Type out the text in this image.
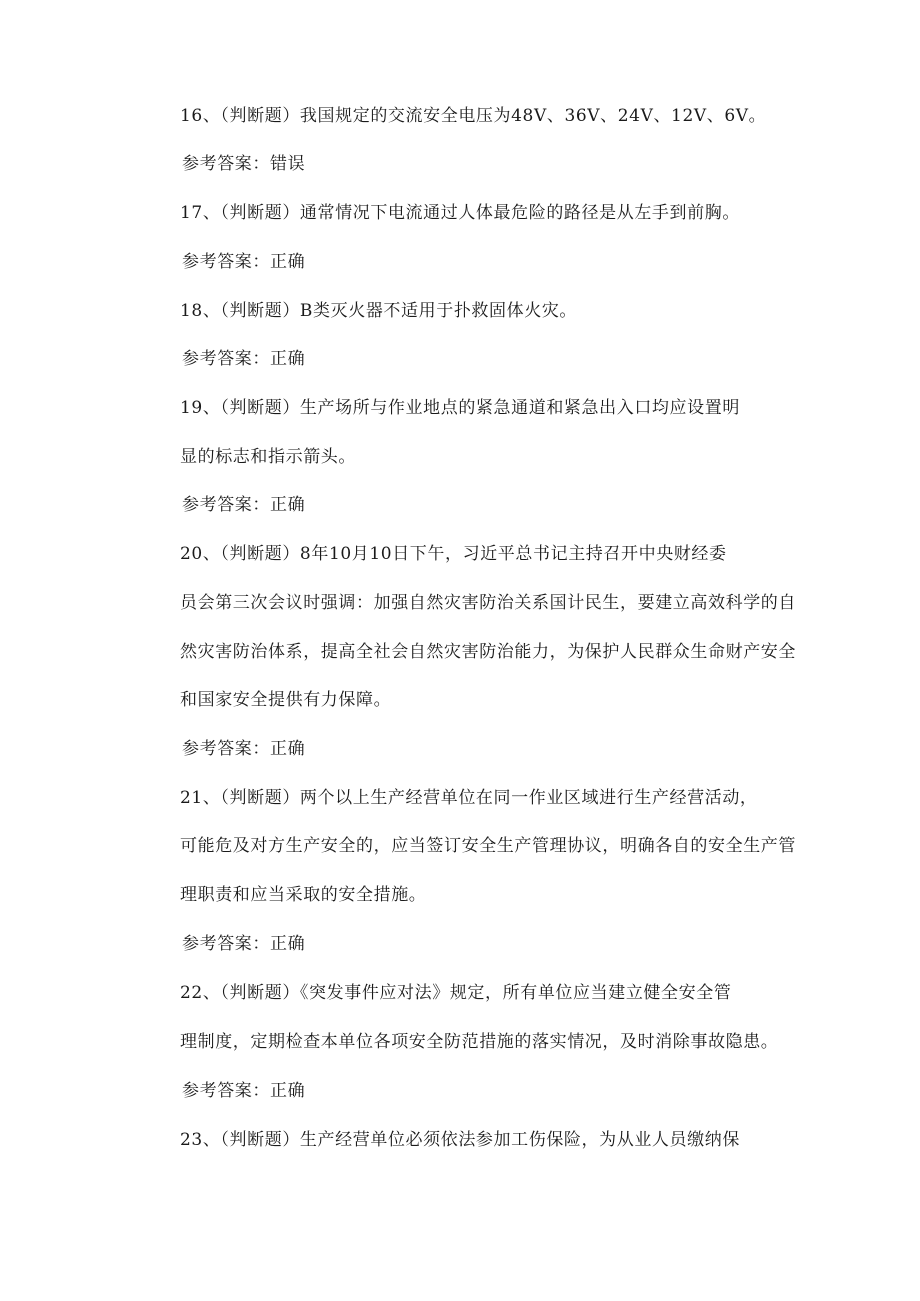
16、（判断题）我国规定的交流安全电压为48V、36V、24V、12V、6V。
参考答案：错误
17、（判断题）通常情况下电流通过人体最危险的路径是从左手到前胸。
参考答案：正确
18、（判断题）B类灭火器不适用于扑救固体火灾。
参考答案：正确
19、（判断题）生产场所与作业地点的紧急通道和紧急出入口均应设置明
显的标志和指示箭头。
参考答案：正确
20、（判断题）8年10月10日下午，习近平总书记主持召开中央财经委
员会第三次会议时强调：加强自然灾害防治关系国计民生，要建立高效科学的自
然灾害防治体系，提高全社会自然灾害防治能力，为保护人民群众生命财产安全
和国家安全提供有力保障。
参考答案：正确
21、（判断题）两个以上生产经营单位在同一作业区域进行生产经营活动，
可能危及对方生产安全的，应当签订安全生产管理协议，明确各自的安全生产管
理职责和应当采取的安全措施。
参考答案：正确
22、（判断题）《突发事件应对法》规定，所有单位应当建立健全安全管
理制度，定期检查本单位各项安全防范措施的落实情况，及时消除事故隐患。
参考答案：正确
23、（判断题）生产经营单位必须依法参加工伤保险，为从业人员缴纳保
